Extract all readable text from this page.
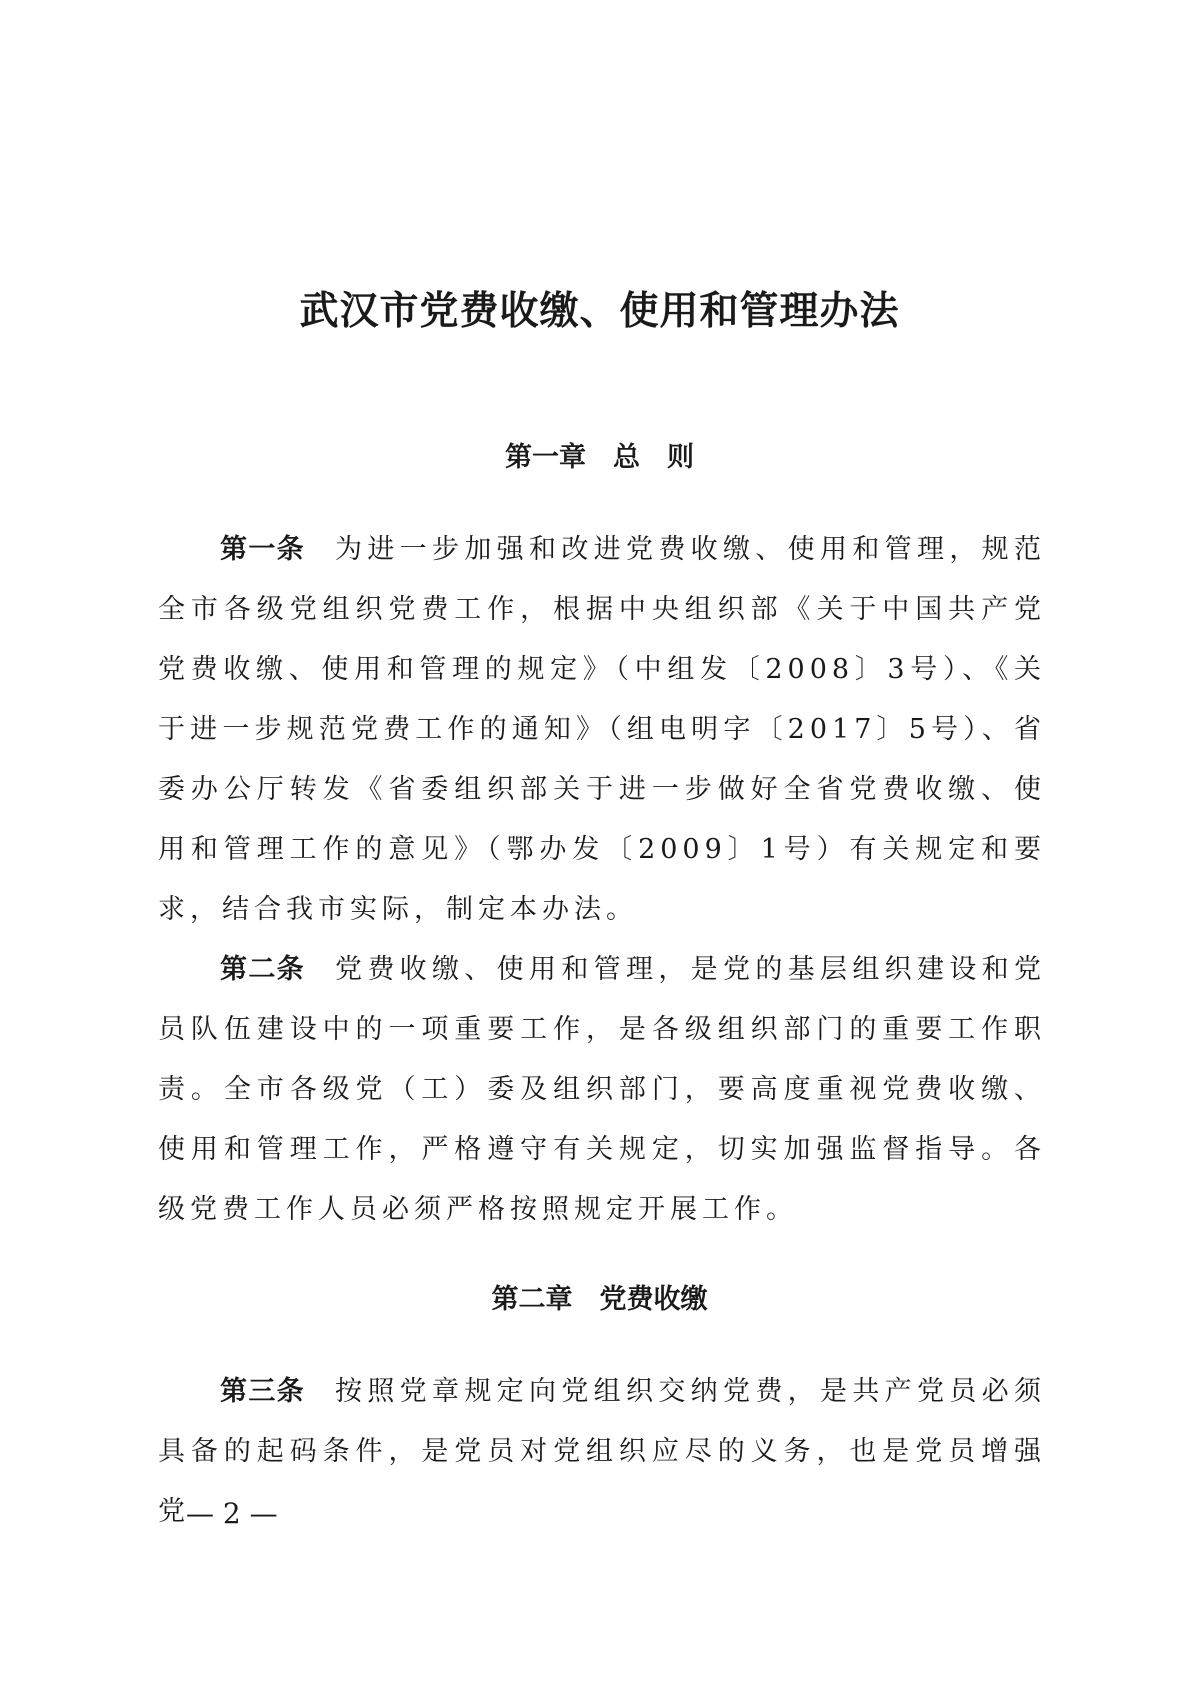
武汉市党费收缴、使用和管理办法
第一章　总　则

第一条 为进一步加强和改进党费收缴、使用和管理，规范全市各级党组织党费工作，根据中央组织部《关于中国共产党党费收缴、使用和管理的规定》（中组发〔2008〕3号）、《关于进一步规范党费工作的通知》（组电明字〔2017〕5号）、省委办公厅转发《省委组织部关于进一步做好全省党费收缴、使用和管理工作的意见》（鄂办发〔2009〕1号）有关规定和要求，结合我市实际，制定本办法。

第二条 党费收缴、使用和管理，是党的基层组织建设和党员队伍建设中的一项重要工作，是各级组织部门的重要工作职责。全市各级党（工）委及组织部门，要高度重视党费收缴、使用和管理工作，严格遵守有关规定，切实加强监督指导。各级党费工作人员必须严格按照规定开展工作。

第二章　党费收缴

第三条 按照党章规定向党组织交纳党费，是共产党员必须具备的起码条件，是党员对党组织应尽的义务，也是党员增强党

— 2 —
